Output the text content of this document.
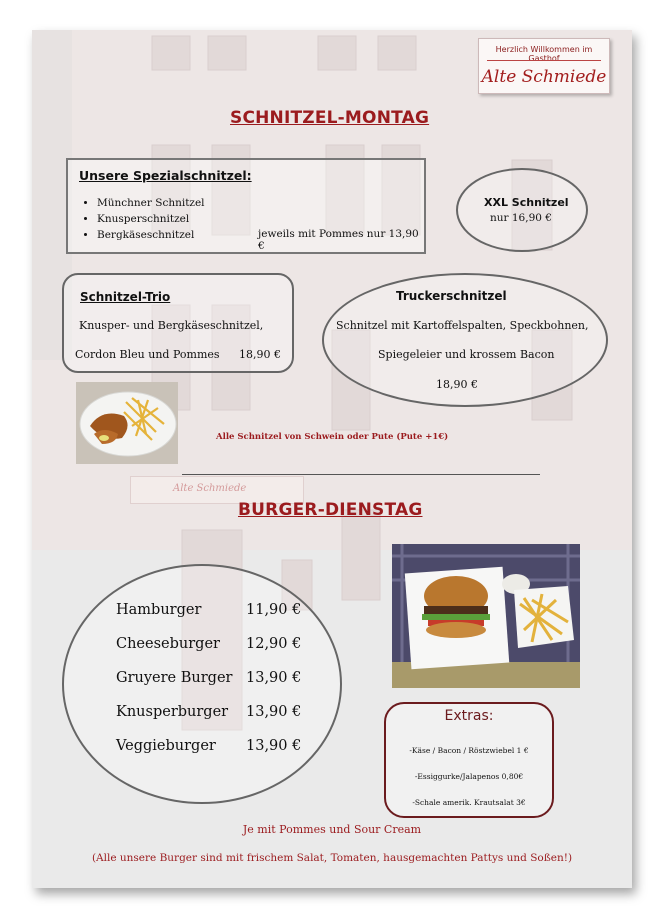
Herzlich Willkommen im Gasthof
Alte Schmiede
SCHNITZEL-MONTAG
Unsere Spezialschnitzel:
• Münchner Schnitzel
• Knusperschnitzel
• Bergkäseschnitzel	jeweils mit Pommes nur 13,90 €
XXL Schnitzel
nur 16,90 €
Schnitzel-Trio
Knusper- und Bergkäseschnitzel,
Cordon Bleu und Pommes 18,90 €
Truckerschnitzel
Schnitzel mit Kartoffelspalten, Speckbohnen,
Spiegeleier und krossem Bacon
18,90 €
Alle Schnitzel von Schwein oder Pute (Pute +1€)
Alte Schmiede
BURGER-DIENSTAG
Hamburger	11,90 €
Cheeseburger 12,90 €
Gruyere Burger 13,90 €
Knusperburger 13,90 €
Veggieburger 13,90 €
Extras:
-Käse / Bacon / Röstzwiebel 1 €
-Essiggurke/Jalapenos 0,80€
-Schale amerik. Krautsalat 3€
Je mit Pommes und Sour Cream
(Alle unsere Burger sind mit frischem Salat, Tomaten, hausgemachten Pattys und Soßen!)
